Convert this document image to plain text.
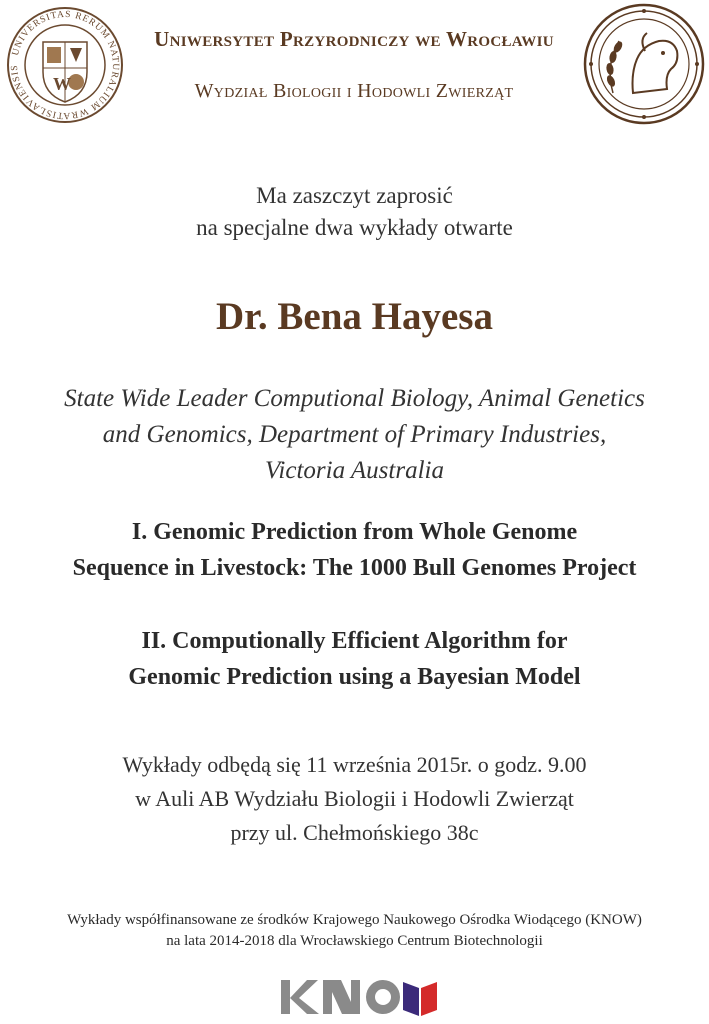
UNIVERSITAS RERUM NATURALIUM WRATISLAVIENSIS
W
Uniwersytet Przyrodniczy we Wrocławiu
Wydział Biologii i Hodowli Zwierząt
Ma zaszczyt zaprosić
na specjalne dwa wykłady otwarte
Dr. Bena Hayesa
State Wide Leader Computional Biology, Animal Genetics
and Genomics, Department of Primary Industries,
Victoria Australia
I. Genomic Prediction from Whole Genome
Sequence in Livestock: The 1000 Bull Genomes Project
II. Computionally Efficient Algorithm for
Genomic Prediction using a Bayesian Model
Wykłady odbędą się 11 września 2015r. o godz. 9.00
w Auli AB Wydziału Biologii i Hodowli Zwierząt
przy ul. Chełmońskiego 38c
Wykłady współfinansowane ze środków Krajowego Naukowego Ośrodka Wiodącego (KNOW)
na lata 2014-2018 dla Wrocławskiego Centrum Biotechnologii
KNOW
